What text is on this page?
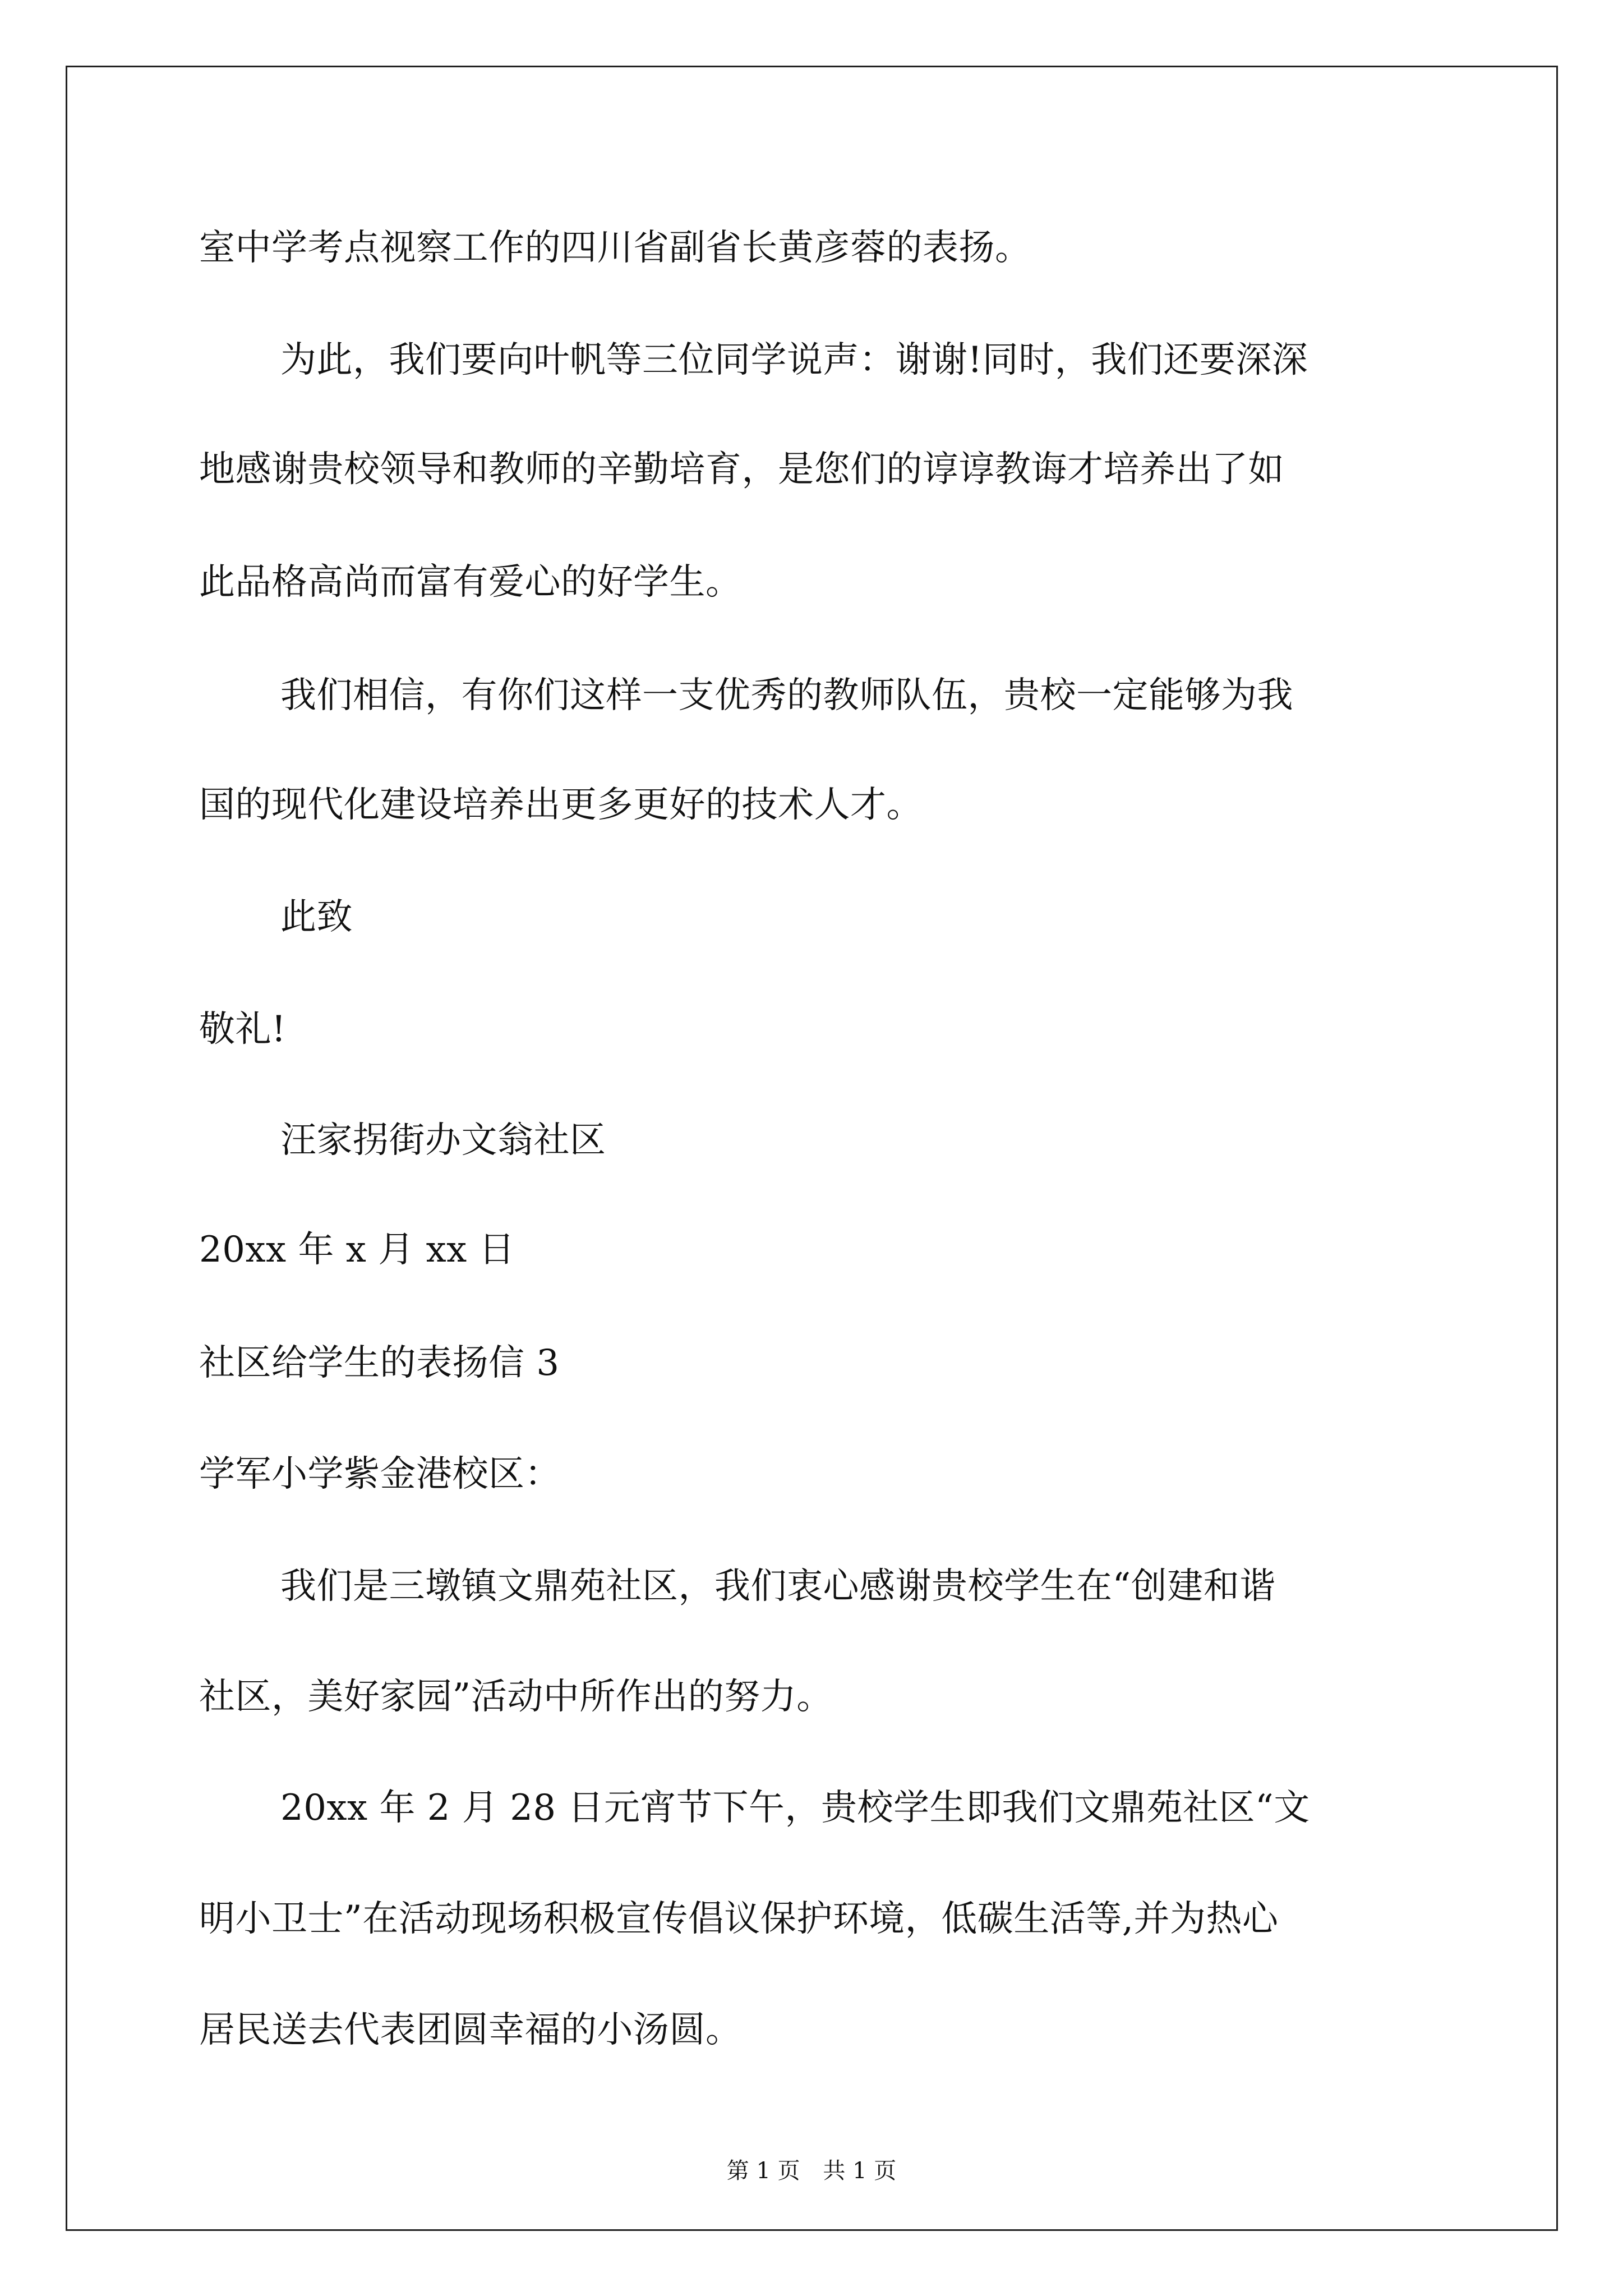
室中学考点视察工作的四川省副省长黄彦蓉的表扬。
为此，我们要向叶帆等三位同学说声：谢谢!同时，我们还要深深
地感谢贵校领导和教师的辛勤培育，是您们的谆谆教诲才培养出了如
此品格高尚而富有爱心的好学生。
我们相信，有你们这样一支优秀的教师队伍，贵校一定能够为我
国的现代化建设培养出更多更好的技术人才。
此致
敬礼!
汪家拐街办文翁社区
20xx 年 x 月 xx 日
社区给学生的表扬信 3
学军小学紫金港校区：
我们是三墩镇文鼎苑社区，我们衷心感谢贵校学生在“创建和谐
社区，美好家园”活动中所作出的努力。
20xx 年 2 月 28 日元宵节下午，贵校学生即我们文鼎苑社区“文
明小卫士”在活动现场积极宣传倡议保护环境，低碳生活等,并为热心
居民送去代表团圆幸福的小汤圆。
第 1 页 共 1 页
